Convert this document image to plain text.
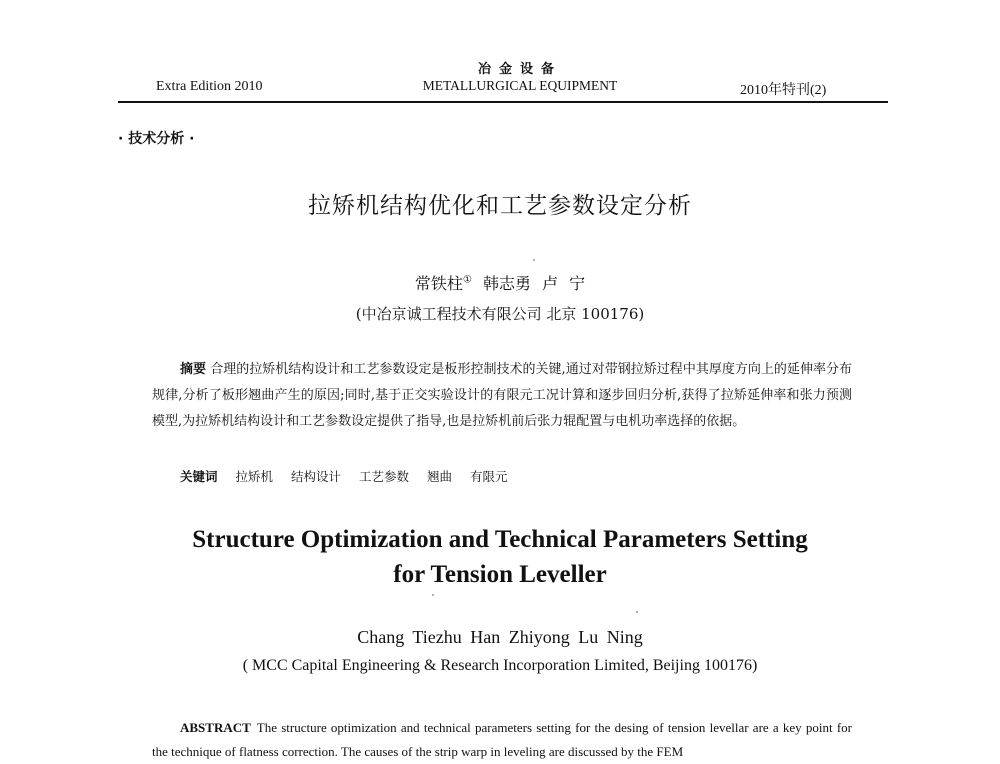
Extra Edition 2010
冶金设备
METALLURGICAL EQUIPMENT	2010年特刊(2)
· 技术分析 ·
拉矫机结构优化和工艺参数设定分析
常铁柱① 韩志勇 卢 宁
(中冶京诚工程技术有限公司 北京 100176)
摘要 合理的拉矫机结构设计和工艺参数设定是板形控制技术的关键,通过对带钢拉矫过程中其厚度方向上的延伸率分布规律,分析了板形翘曲产生的原因;同时,基于正交实验设计的有限元工况计算和逐步回归分析,获得了拉矫延伸率和张力预测模型,为拉矫机结构设计和工艺参数设定提供了指导,也是拉矫机前后张力辊配置与电机功率选择的依据。
关键词 拉矫机 结构设计 工艺参数 翘曲 有限元
Structure Optimization and Technical Parameters Setting
for Tension Leveller
Chang Tiezhu Han Zhiyong Lu Ning
( MCC Capital Engineering & Research Incorporation Limited, Beijing 100176)
ABSTRACT The structure optimization and technical parameters setting for the desing of tension levellar are a key point for the technique of flatness correction. The causes of the strip warp in leveling are discussed by the FEM
